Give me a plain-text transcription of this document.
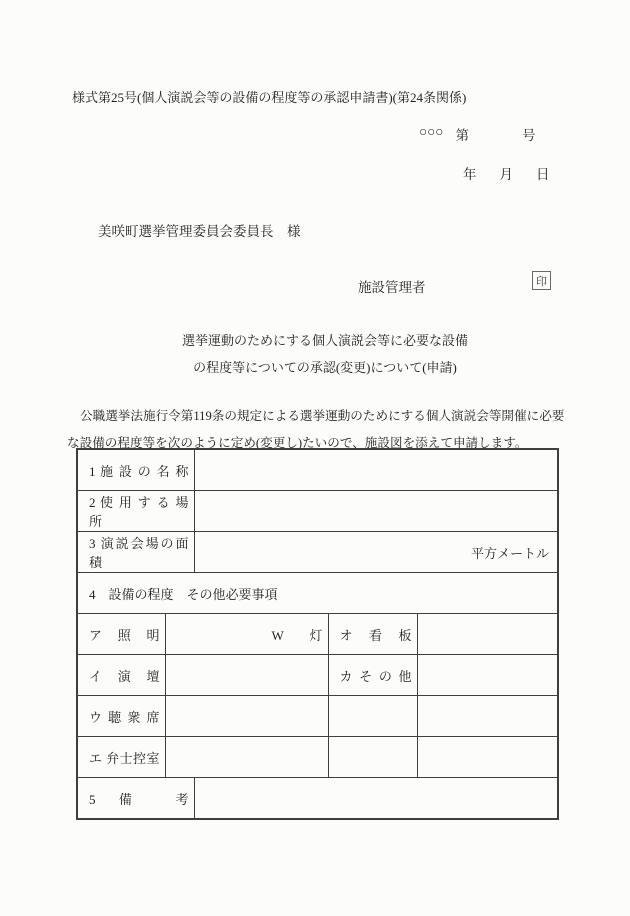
様式第25号(個人演説会等の設備の程度等の承認申請書)(第24条関係)
○○○ 第	号
年 月 日
美咲町選挙管理委員会委員長　様
施設管理者	印
選挙運動のためにする個人演説会等に必要な設備
の程度等についての承認(変更)について(申請)
公職選挙法施行令第119条の規定による選挙運動のためにする個人演説会等開催に必要
な設備の程度等を次のように定め(変更し)たいので、施設図を添えて申請します。
1 施 設 の 名 称				
2 使 用 す る 場 所				
3 演説会場の面積		平方メートル		
4　設備の程度　その他必要事項				
ア 照 明	W　　灯		オ 看 板	
イ 演 壇			カ そ の 他	
ウ 聴 衆 席				
エ 弁士控室				
5 備 考				
